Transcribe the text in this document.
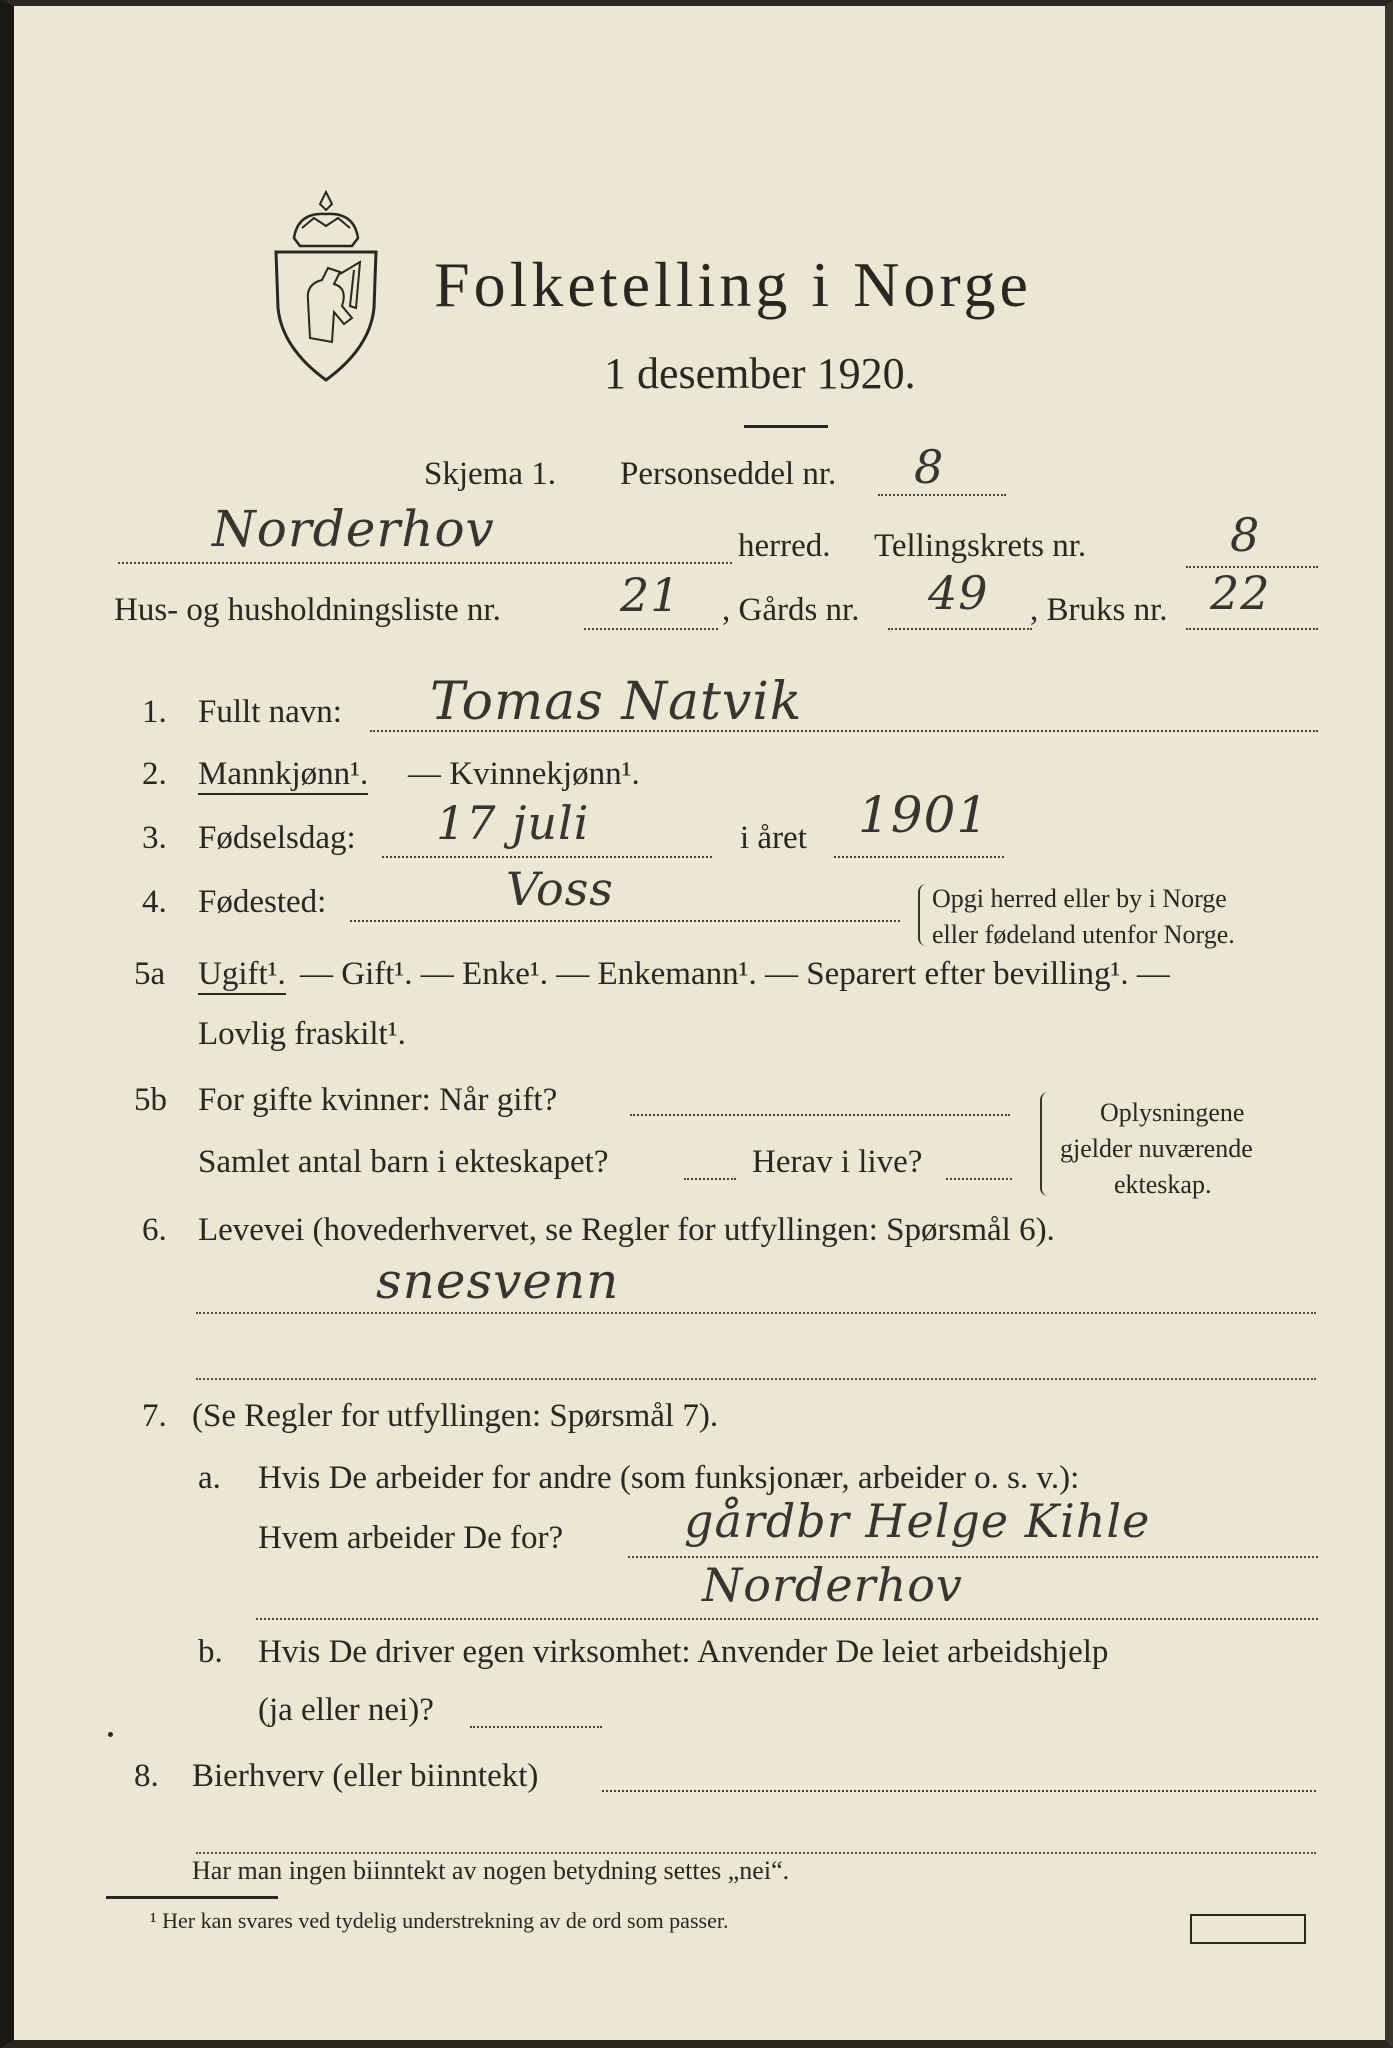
Folketelling i Norge
1 desember 1920.
Skjema 1. Personseddel nr. 8
Norderhov	herred. Tellingskrets nr.	8
Hus- og husholdningsliste nr.	21 , Gårds nr. 49 , Bruks nr. 22
1. Fullt navn: Tomas Natvik
2. Mannkjønn¹. — Kvinnekjønn¹.
3. Fødselsdag: 17 juli	i året 1901
4. Fødested:	Voss	Opgi herred eller by i Norge
eller fødeland utenfor Norge.
5a Ugift¹. — Gift¹. — Enke¹. — Enkemann¹. — Separert efter bevilling¹. —
Lovlig fraskilt¹.
5b For gifte kvinner: Når gift?
Samlet antal barn i ekteskapet?	Herav i live?
Oplysningene
gjelder nuværende
ekteskap.
6. Levevei (hovederhvervet, se Regler for utfyllingen: Spørsmål 6).
snesvenn
7. (Se Regler for utfyllingen: Spørsmål 7).
a. Hvis De arbeider for andre (som funksjonær, arbeider o. s. v.):
Hvem arbeider De for?	gårdbr Helge Kihle
Norderhov
b. Hvis De driver egen virksomhet: Anvender De leiet arbeidshjelp
(ja eller nei)?
8. Bierhverv (eller biinntekt)
Har man ingen biinntekt av nogen betydning settes „nei“.
¹ Her kan svares ved tydelig understrekning av de ord som passer.
